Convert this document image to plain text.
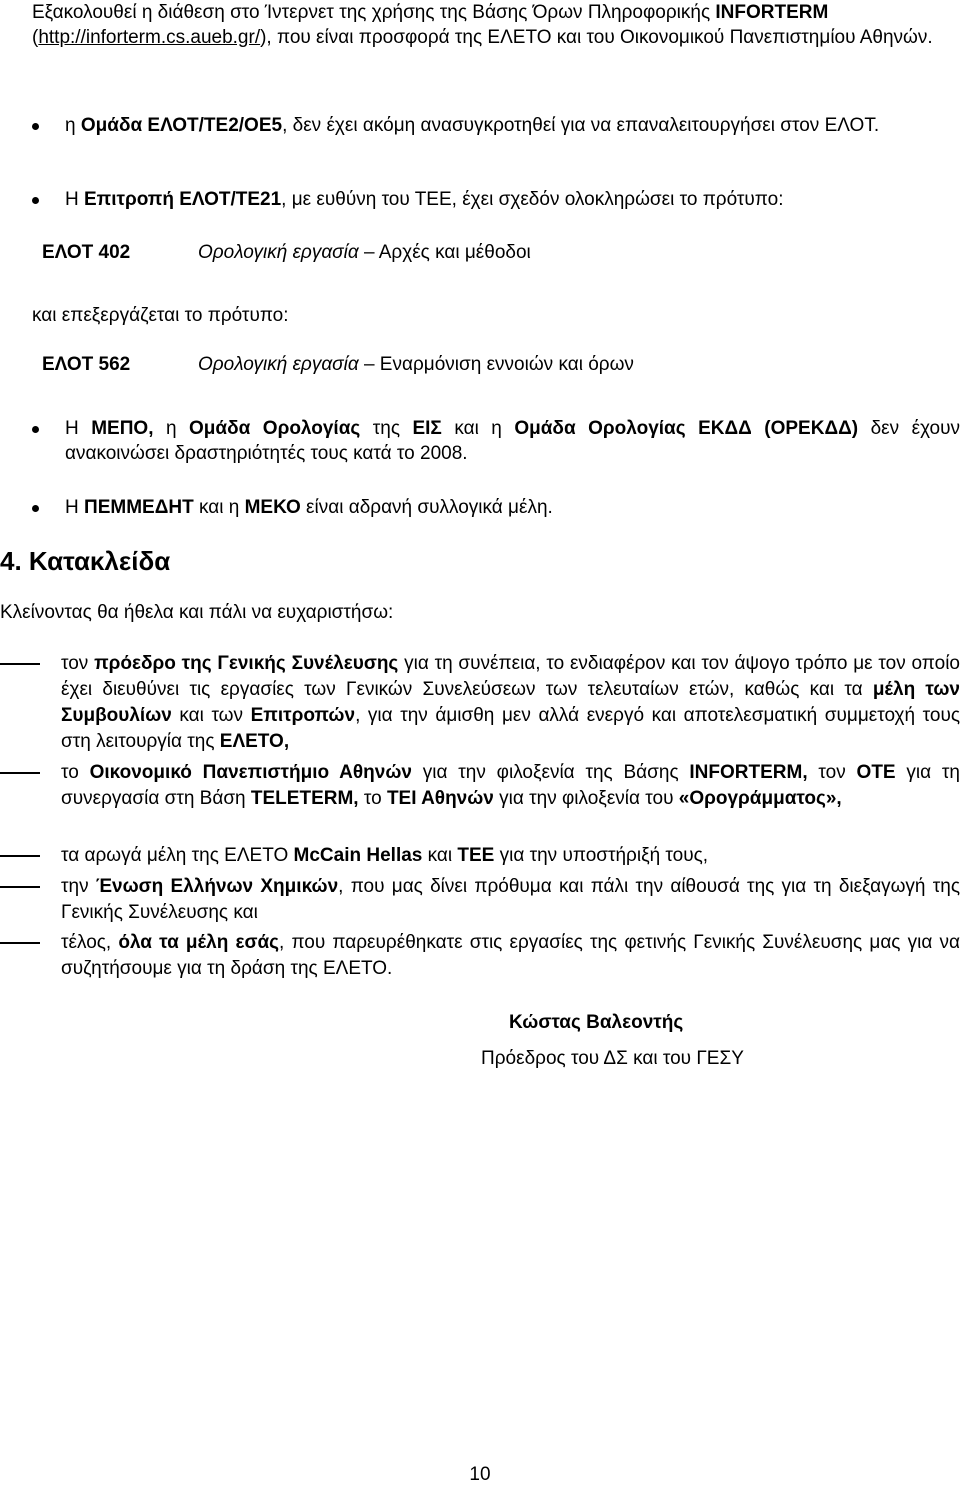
Εξακολουθεί η διάθεση στο Ίντερνετ της χρήσης της Βάσης Όρων Πληροφορικής INFORTERM
(http://inforterm.cs.aueb.gr/), που είναι προσφορά της ΕΛΕΤΟ και του Οικονομικού Πανεπιστημίου Αθηνών.

η Ομάδα ΕΛΟΤ/ΤΕ2/ΟΕ5, δεν έχει ακόμη ανασυγκροτηθεί για να επαναλειτουργήσει στον ΕΛΟΤ.
Η Επιτροπή ΕΛΟΤ/ΤΕ21, με ευθύνη του ΤΕΕ, έχει σχεδόν ολοκληρώσει το πρότυπο:
ΕΛΟΤ 402	Ορολογική εργασία – Αρχές και μέθοδοι
και επεξεργάζεται το πρότυπο:
ΕΛΟΤ 562	Ορολογική εργασία – Εναρμόνιση εννοιών και όρων
Η ΜΕΠΟ, η Ομάδα Ορολογίας της ΕΙΣ και η Ομάδα Ορολογίας ΕΚΔΔ (ΟΡΕΚΔΔ) δεν έχουν ανακοινώσει δραστηριότητές τους κατά το 2008.
Η ΠΕΜΜΕΔΗΤ και η ΜΕΚΟ είναι αδρανή συλλογικά μέλη.
4. Κατακλείδα
Κλείνοντας θα ήθελα και πάλι να ευχαριστήσω:
τον πρόεδρο της Γενικής Συνέλευσης για τη συνέπεια, το ενδιαφέρον και τον άψογο τρόπο με τον οποίο έχει διευθύνει τις εργασίες των Γενικών Συνελεύσεων των τελευταίων ετών, καθώς και τα μέλη των Συμβουλίων και των Επιτροπών, για την άμισθη μεν αλλά ενεργό και αποτελεσματική συμμετοχή τους στη λειτουργία της ΕΛΕΤΟ,
το Οικονομικό Πανεπιστήμιο Αθηνών για την φιλοξενία της Βάσης INFORTERM, τον ΟΤΕ για τη συνεργασία στη Βάση TELETERM, το ΤΕΙ Αθηνών για την φιλοξενία του «Ορογράμματος»,
τα αρωγά μέλη της ΕΛΕΤΟ McCain Hellas και ΤΕΕ για την υποστήριξή τους,
την Ένωση Ελλήνων Χημικών, που μας δίνει πρόθυμα και πάλι την αίθουσά της για τη διεξαγωγή της Γενικής Συνέλευσης και
τέλος, όλα τα μέλη εσάς, που παρευρέθηκατε στις εργασίες της φετινής Γενικής Συνέλευσης μας για να συζητήσουμε για τη δράση της ΕΛΕΤΟ.
Κώστας Βαλεοντής
Πρόεδρος του ΔΣ και του ΓΕΣΥ
10
